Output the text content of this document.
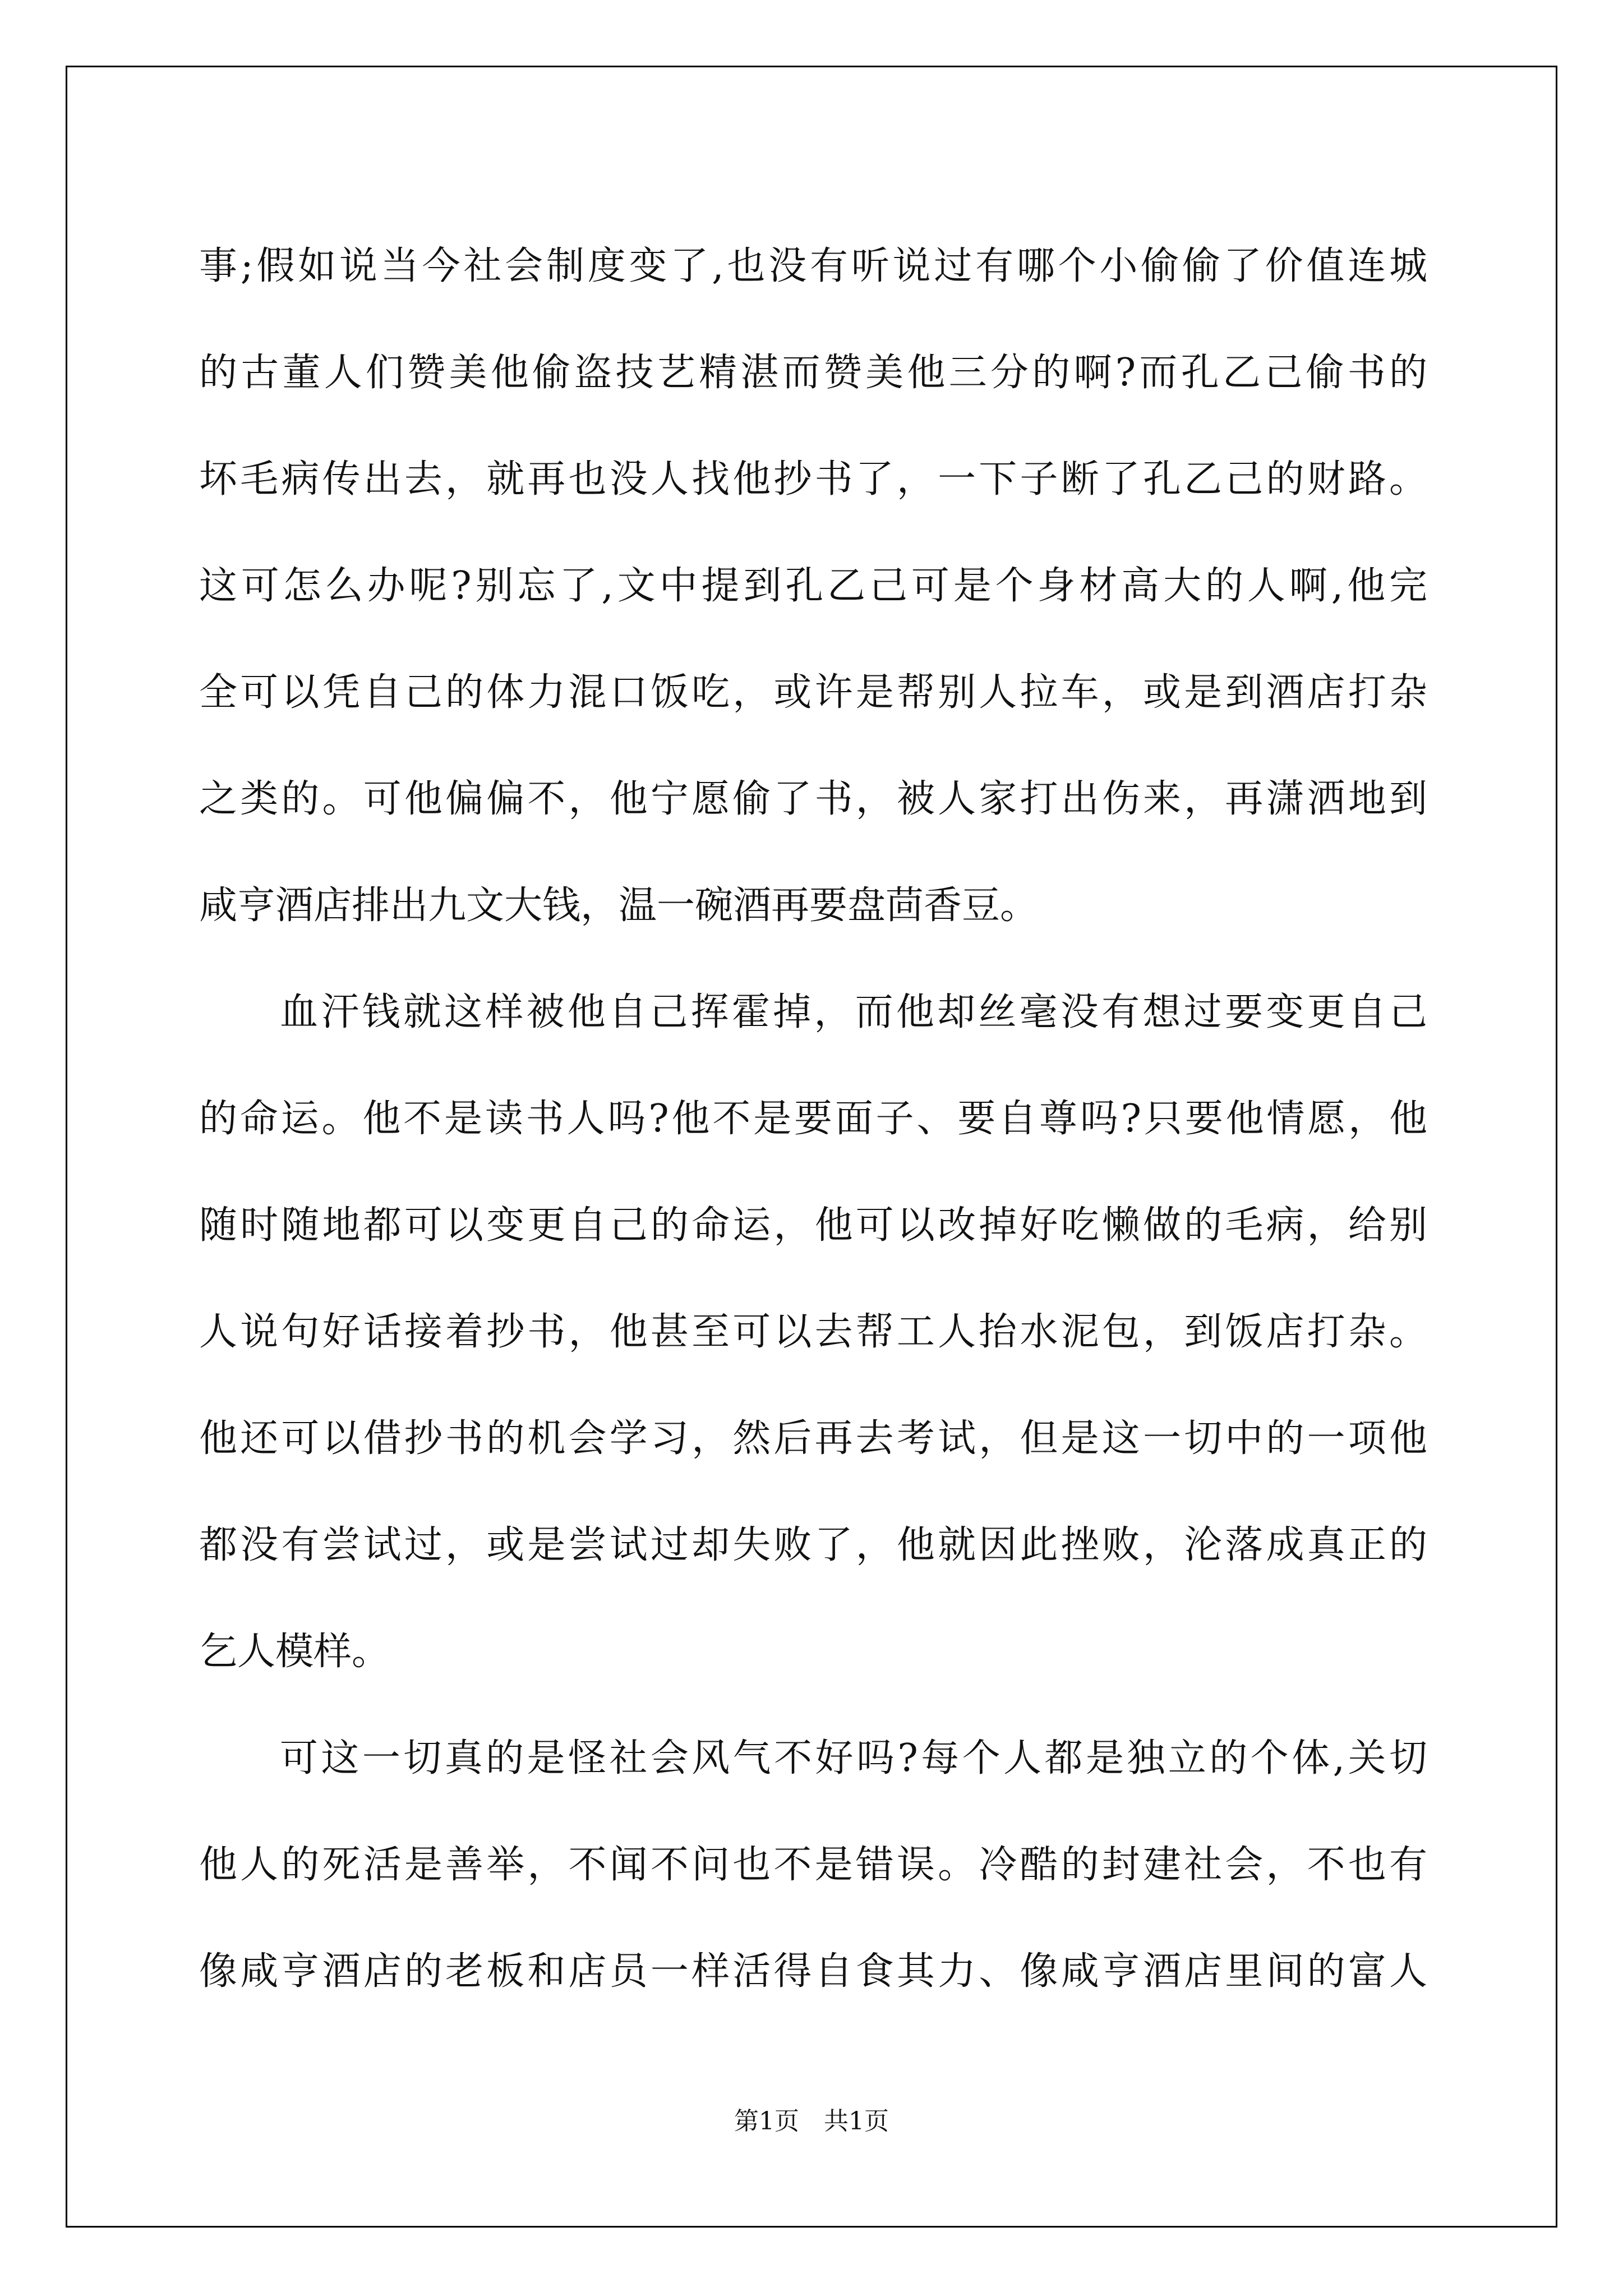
事;假如说当今社会制度变了,也没有听说过有哪个小偷偷了价值连城
的古董人们赞美他偷盗技艺精湛而赞美他三分的啊?而孔乙己偷书的
坏毛病传出去，就再也没人找他抄书了，一下子断了孔乙己的财路。
这可怎么办呢?别忘了,文中提到孔乙己可是个身材高大的人啊,他完
全可以凭自己的体力混口饭吃，或许是帮别人拉车，或是到酒店打杂
之类的。可他偏偏不，他宁愿偷了书，被人家打出伤来，再潇洒地到
咸亨酒店排出九文大钱，温一碗酒再要盘茴香豆。
血汗钱就这样被他自己挥霍掉，而他却丝毫没有想过要变更自己
的命运。他不是读书人吗?他不是要面子、要自尊吗?只要他情愿，他
随时随地都可以变更自己的命运，他可以改掉好吃懒做的毛病，给别
人说句好话接着抄书，他甚至可以去帮工人抬水泥包，到饭店打杂。
他还可以借抄书的机会学习，然后再去考试，但是这一切中的一项他
都没有尝试过，或是尝试过却失败了，他就因此挫败，沦落成真正的
乞人模样。
可这一切真的是怪社会风气不好吗?每个人都是独立的个体,关切
他人的死活是善举，不闻不问也不是错误。冷酷的封建社会，不也有
像咸亨酒店的老板和店员一样活得自食其力、像咸亨酒店里间的富人
第1页　共1页
